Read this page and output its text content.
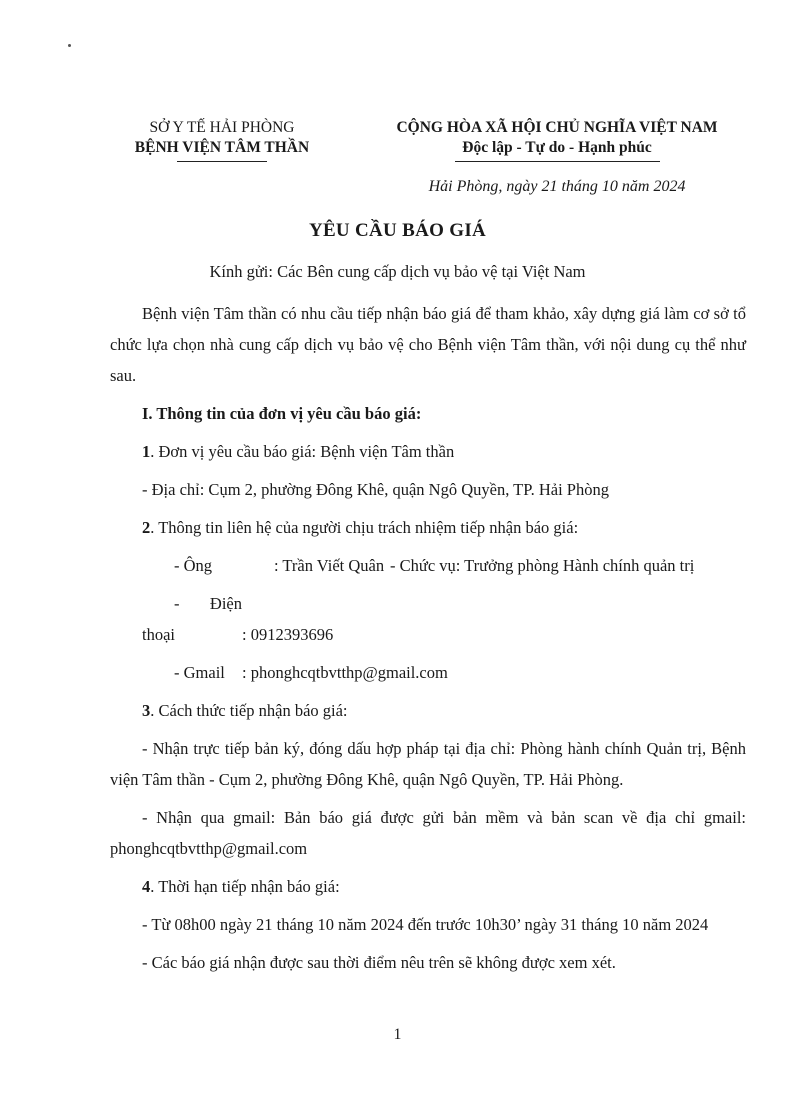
SỞ Y TẾ HẢI PHÒNG
BỆNH VIỆN TÂM THẦN
CỘNG HÒA XÃ HỘI CHỦ NGHĨA VIỆT NAM
Độc lập - Tự do - Hạnh phúc
Hải Phòng, ngày 21 tháng 10 năm 2024
YÊU CẦU BÁO GIÁ
Kính gửi: Các Bên cung cấp dịch vụ bảo vệ tại Việt Nam

Bệnh viện Tâm thần có nhu cầu tiếp nhận báo giá để tham khảo, xây dựng giá làm cơ sở tổ chức lựa chọn nhà cung cấp dịch vụ bảo vệ cho Bệnh viện Tâm thần, với nội dung cụ thể như sau.

I. Thông tin của đơn vị yêu cầu báo giá:

1. Đơn vị yêu cầu báo giá: Bệnh viện Tâm thần

- Địa chỉ: Cụm 2, phường Đông Khê, quận Ngô Quyền, TP. Hải Phòng

2. Thông tin liên hệ của người chịu trách nhiệm tiếp nhận báo giá:

- Ông	: Trần Viết Quân - Chức vụ: Trưởng phòng Hành chính quản trị

- Điện thoại	: 0912393696

- Gmail : phonghcqtbvtthp@gmail.com

3. Cách thức tiếp nhận báo giá:

- Nhận trực tiếp bản ký, đóng dấu hợp pháp tại địa chỉ: Phòng hành chính Quản trị, Bệnh viện Tâm thần - Cụm 2, phường Đông Khê, quận Ngô Quyền, TP. Hải Phòng.

- Nhận qua gmail: Bản báo giá được gửi bản mềm và bản scan về địa chỉ gmail: phonghcqtbvtthp@gmail.com

4. Thời hạn tiếp nhận báo giá:

- Từ 08h00 ngày 21 tháng 10 năm 2024 đến trước 10h30’ ngày 31 tháng 10 năm 2024

- Các báo giá nhận được sau thời điểm nêu trên sẽ không được xem xét.

1
